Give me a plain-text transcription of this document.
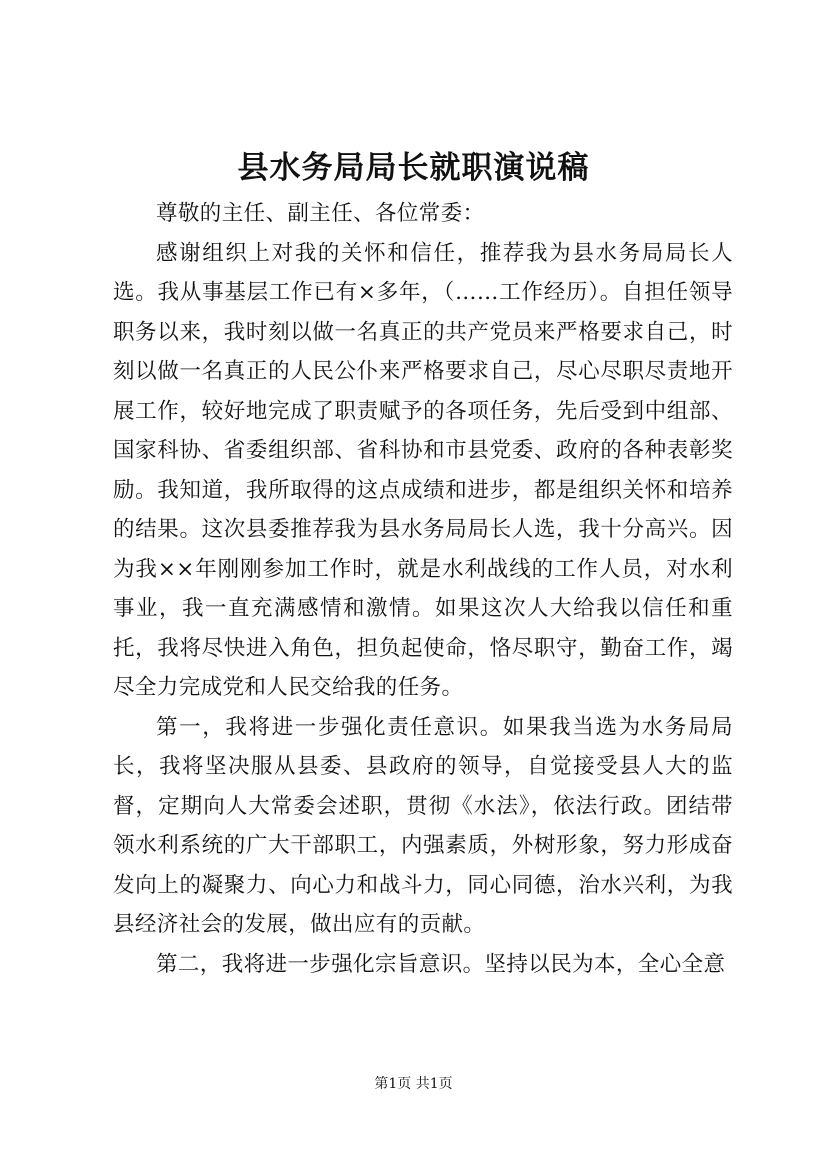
县水务局局长就职演说稿

尊敬的主任、副主任、各位常委：

感谢组织上对我的关怀和信任，推荐我为县水务局局长人选。我从事基层工作已有×多年，（……工作经历）。自担任领导职务以来，我时刻以做一名真正的共产党员来严格要求自己，时刻以做一名真正的人民公仆来严格要求自己，尽心尽职尽责地开展工作，较好地完成了职责赋予的各项任务，先后受到中组部、国家科协、省委组织部、省科协和市县党委、政府的各种表彰奖励。我知道，我所取得的这点成绩和进步，都是组织关怀和培养的结果。这次县委推荐我为县水务局局长人选，我十分高兴。因为我××年刚刚参加工作时，就是水利战线的工作人员，对水利事业，我一直充满感情和激情。如果这次人大给我以信任和重托，我将尽快进入角色，担负起使命，恪尽职守，勤奋工作，竭尽全力完成党和人民交给我的任务。

第一，我将进一步强化责任意识。如果我当选为水务局局长，我将坚决服从县委、县政府的领导，自觉接受县人大的监督，定期向人大常委会述职，贯彻《水法》，依法行政。团结带领水利系统的广大干部职工，内强素质，外树形象，努力形成奋发向上的凝聚力、向心力和战斗力，同心同德，治水兴利，为我县经济社会的发展，做出应有的贡献。

第二，我将进一步强化宗旨意识。坚持以民为本，全心全意

第1页 共1页
